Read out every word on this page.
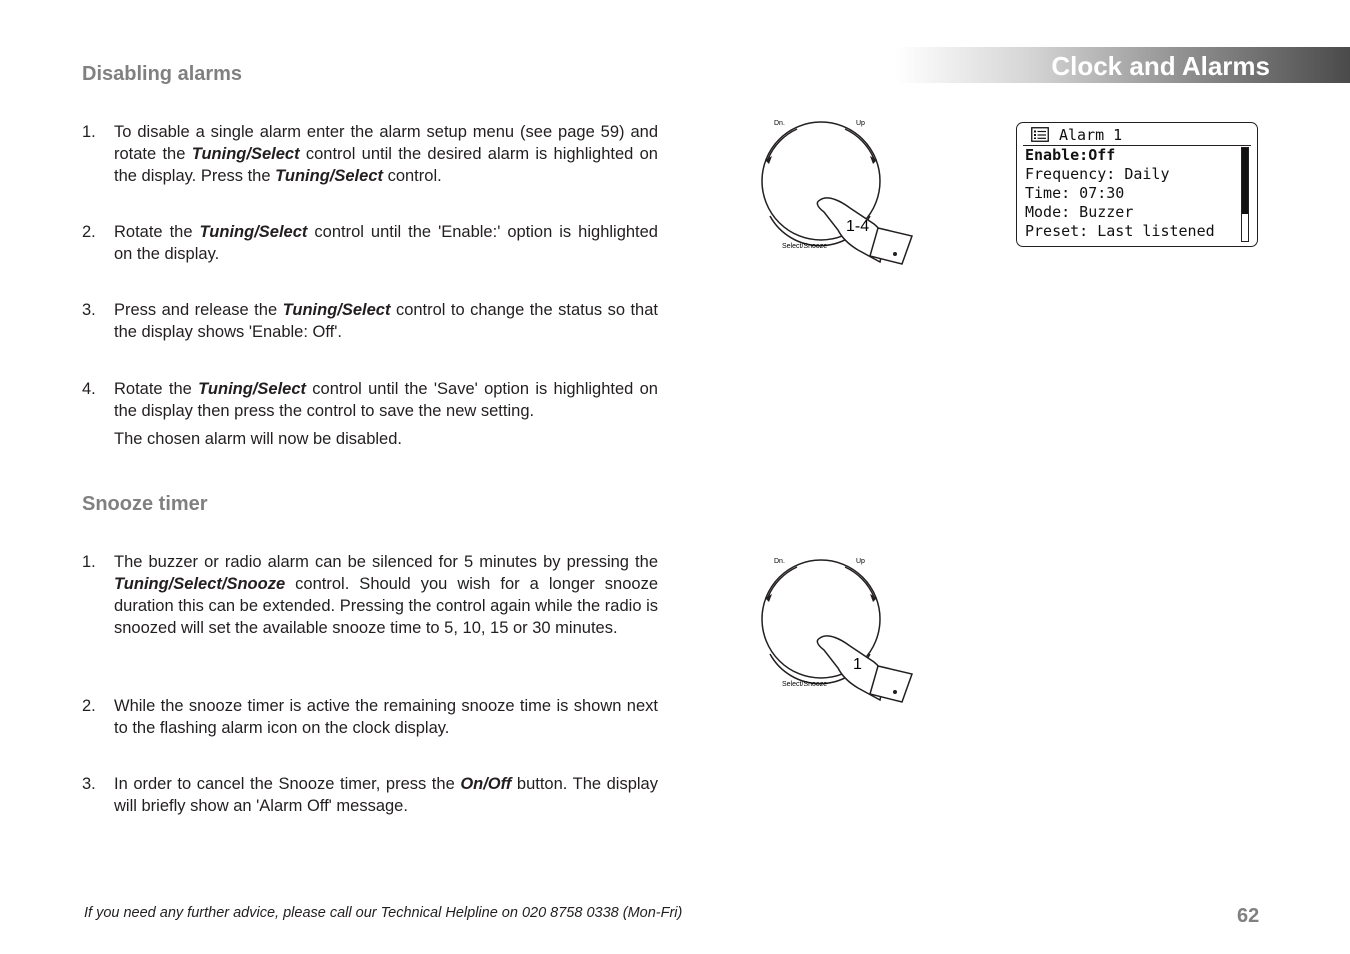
Clock and Alarms
Disabling alarms
1. To disable a single alarm enter the alarm setup menu (see page 59) and rotate the Tuning/Select control until the desired alarm is highlighted on the display. Press the Tuning/Select control.
2. Rotate the Tuning/Select control until the 'Enable:' option is highlighted on the display.
3. Press and release the Tuning/Select control to change the status so that the display shows 'Enable: Off'.
4. Rotate the Tuning/Select control until the 'Save' option is highlighted on the display then press the control to save the new setting.
The chosen alarm will now be disabled.
Snooze timer
1. The buzzer or radio alarm can be silenced for 5 minutes by pressing the Tuning/Select/Snooze control. Should you wish for a longer snooze duration this can be extended. Pressing the control again while the radio is snoozed will set the available snooze time to 5, 10, 15 or 30 minutes.
2. While the snooze timer is active the remaining snooze time is shown next to the flashing alarm icon on the clock display.
3. In order to cancel the Snooze timer, press the On/Off button. The display will briefly show an 'Alarm Off' message.
Dn.	Up
Select/Snooze
1-4
Dn.	Up
Select/Snooze
1
Alarm 1
Enable:Off
Frequency: Daily
Time: 07:30
Mode: Buzzer
Preset: Last listened
If you need any further advice, please call our Technical Helpline on 020 8758 0338 (Mon-Fri)	62
